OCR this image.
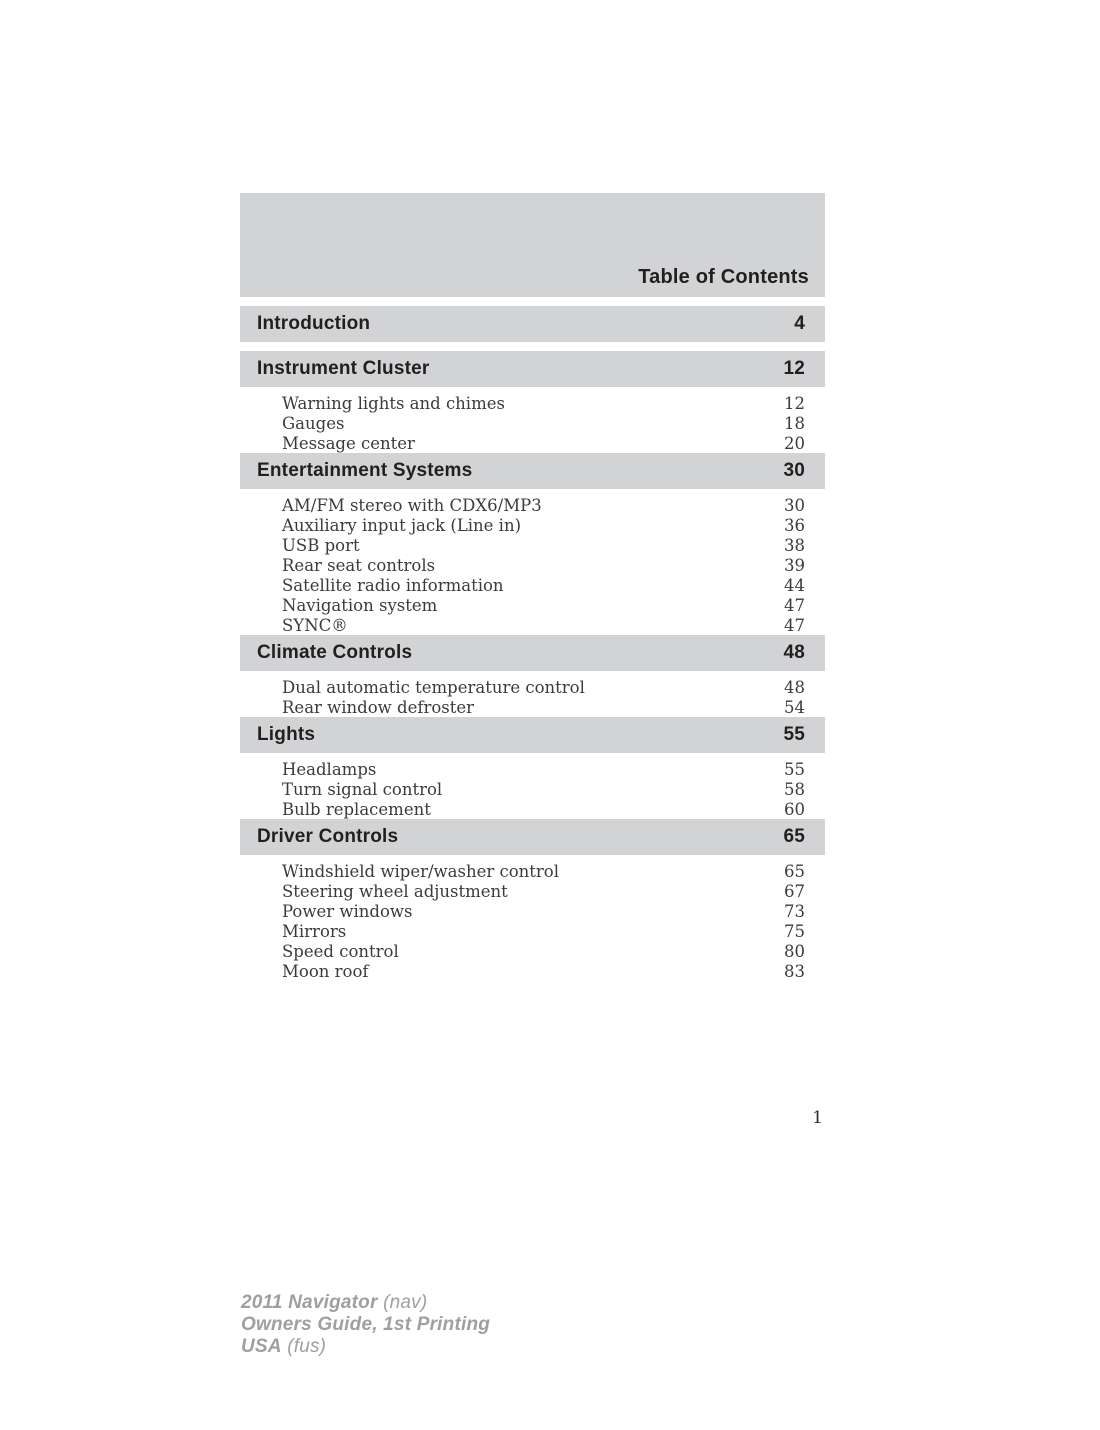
Table of Contents
Introduction	4
Instrument Cluster	12
Warning lights and chimes	12
Gauges	18
Message center	20
Entertainment Systems	30
AM/FM stereo with CDX6/MP3	30
Auxiliary input jack (Line in)	36
USB port	38
Rear seat controls	39
Satellite radio information	44
Navigation system	47
SYNC®	47
Climate Controls	48
Dual automatic temperature control	48
Rear window defroster	54
Lights	55
Headlamps	55
Turn signal control	58
Bulb replacement	60
Driver Controls	65
Windshield wiper/washer control	65
Steering wheel adjustment	67
Power windows	73
Mirrors	75
Speed control	80
Moon roof	83
1
2011 Navigator (nav)
Owners Guide, 1st Printing
USA (fus)
